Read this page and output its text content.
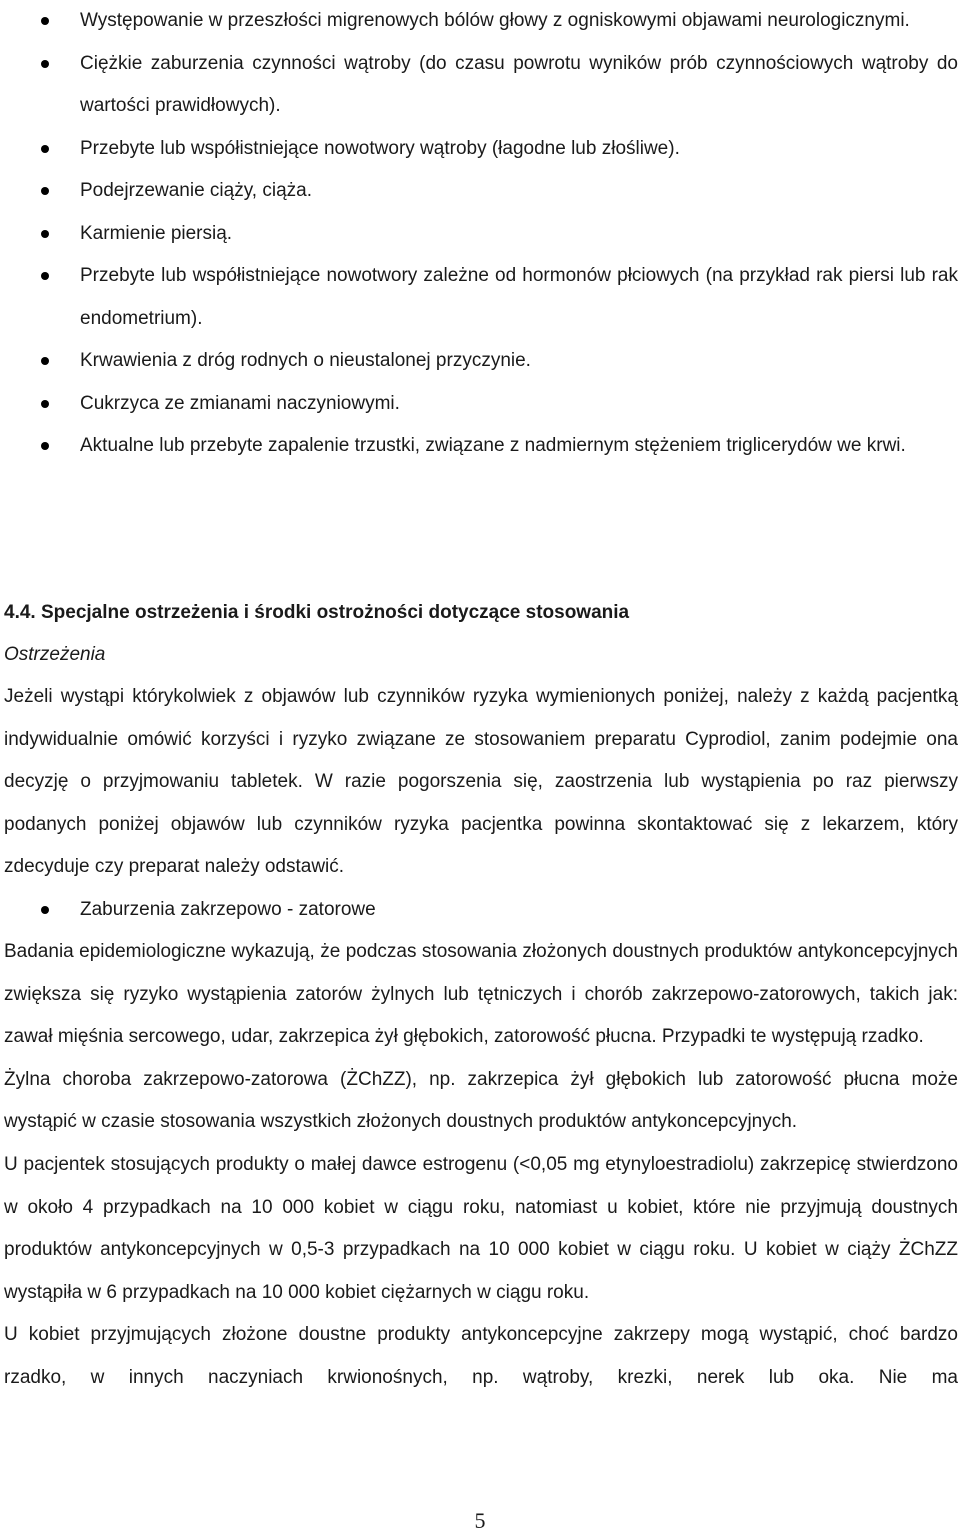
Występowanie w przeszłości migrenowych bólów głowy z ogniskowymi objawami neurologicznymi.
Ciężkie zaburzenia czynności wątroby (do czasu powrotu wyników prób czynnościowych wątroby do wartości prawidłowych).
Przebyte lub współistniejące nowotwory wątroby (łagodne lub złośliwe).
Podejrzewanie ciąży, ciąża.
Karmienie piersią.
Przebyte lub współistniejące nowotwory zależne od hormonów płciowych (na przykład rak piersi lub rak endometrium).
Krwawienia z dróg rodnych o nieustalonej przyczynie.
Cukrzyca ze zmianami naczyniowymi.
Aktualne lub przebyte zapalenie trzustki, związane z nadmiernym stężeniem triglicerydów we krwi.

4.4. Specjalne ostrzeżenia i środki ostrożności dotyczące stosowania

Ostrzeżenia

Jeżeli wystąpi którykolwiek z objawów lub czynników ryzyka wymienionych poniżej, należy z każdą pacjentką indywidualnie omówić korzyści i ryzyko związane ze stosowaniem preparatu Cyprodiol, zanim podejmie ona decyzję o przyjmowaniu tabletek. W razie pogorszenia się, zaostrzenia lub wystąpienia po raz pierwszy podanych poniżej objawów lub czynników ryzyka pacjentka powinna skontaktować się z lekarzem, który zdecyduje czy preparat należy odstawić.

Zaburzenia zakrzepowo - zatorowe

Badania epidemiologiczne wykazują, że podczas stosowania złożonych doustnych produktów antykoncepcyjnych zwiększa się ryzyko wystąpienia zatorów żylnych lub tętniczych i chorób zakrzepowo-zatorowych, takich jak: zawał mięśnia sercowego, udar, zakrzepica żył głębokich, zatorowość płucna. Przypadki te występują rzadko.

Żylna choroba zakrzepowo-zatorowa (ŻChZZ), np. zakrzepica żył głębokich lub zatorowość płucna może wystąpić w czasie stosowania wszystkich złożonych doustnych produktów antykoncepcyjnych.

U pacjentek stosujących produkty o małej dawce estrogenu (<0,05 mg etynyloestradiolu) zakrzepicę stwierdzono w około 4 przypadkach na 10 000 kobiet w ciągu roku, natomiast u kobiet, które nie przyjmują doustnych produktów antykoncepcyjnych w 0,5-3 przypadkach na 10 000 kobiet w ciągu roku. U kobiet w ciąży ŻChZZ wystąpiła w 6 przypadkach na 10 000 kobiet ciężarnych w ciągu roku.

U kobiet przyjmujących złożone doustne produkty antykoncepcyjne zakrzepy mogą wystąpić, choć bardzo rzadko, w innych naczyniach krwionośnych, np. wątroby, krezki, nerek lub oka. Nie ma

5
